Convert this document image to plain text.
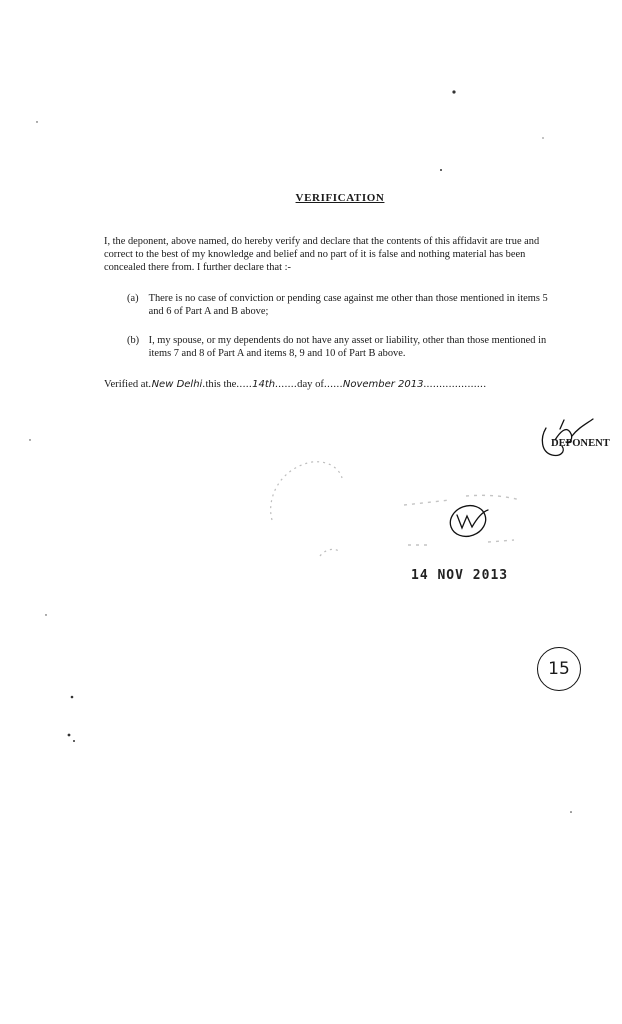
VERIFICATION
I, the deponent, above named, do hereby verify and declare that the contents of this affidavit are true and
correct to the best of my knowledge and belief and no part of it is false and nothing material has been
concealed there from. I further declare that :-
(a) There is no case of conviction or pending case against me other than those mentioned in items 5
and 6 of Part A and B above;
(b) I, my spouse, or my dependents do not have any asset or liability, other than those mentioned in
items 7 and 8 of Part A and items 8, 9 and 10 of Part B above.
Verified at.New Delhi.this the.....14th.......day of......November 2013....................
DEPONENT
14 NOV 2013
15
